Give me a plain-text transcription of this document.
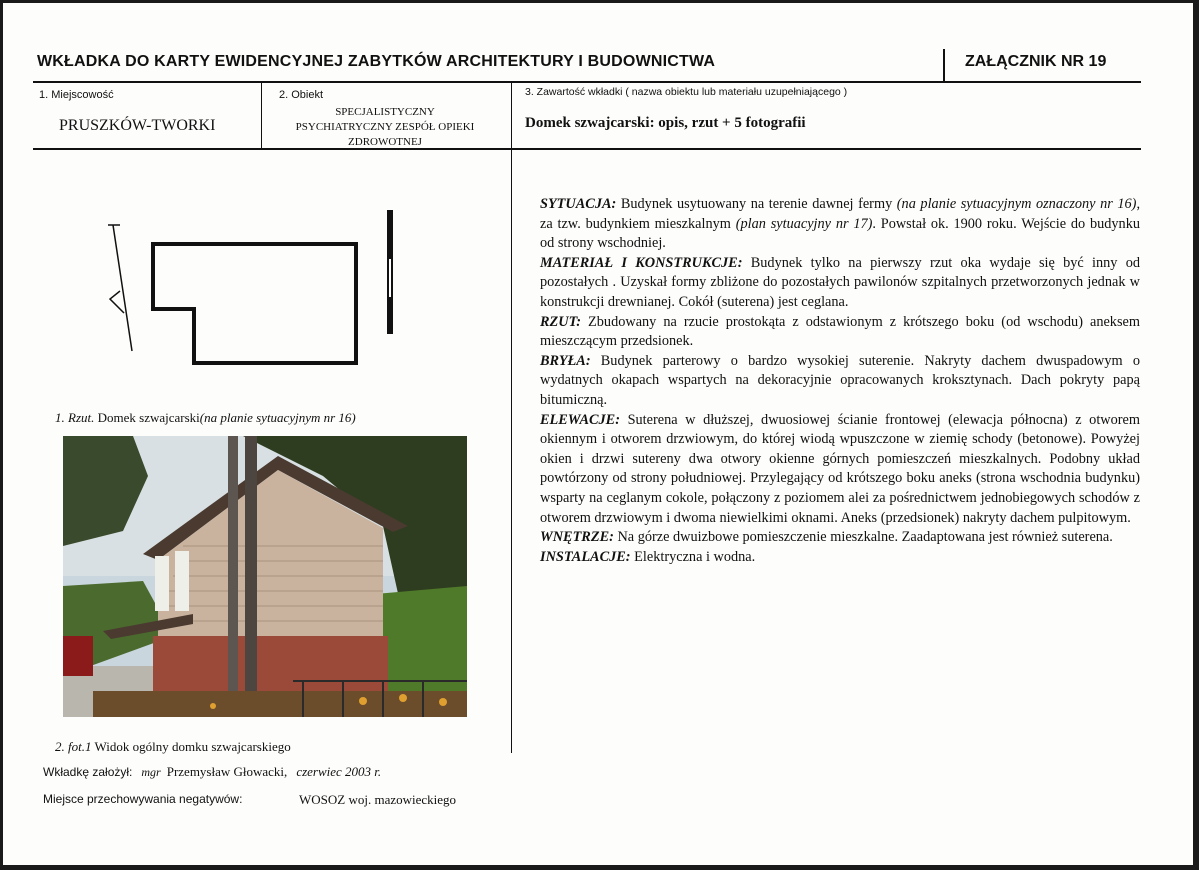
WKŁADKA DO KARTY EWIDENCYJNEJ ZABYTKÓW ARCHITEKTURY I BUDOWNICTWA	ZAŁĄCZNIK NR 19
1. Miejscowość
PRUSZKÓW-TWORKI
2. Obiekt
SPECJALISTYCZNY
PSYCHIATRYCZNY ZESPÓŁ OPIEKI
ZDROWOTNEJ
3. Zawartość wkładki ( nazwa obiektu lub materiału uzupełniającego )
Domek szwajcarski: opis, rzut + 5 fotografii
1. Rzut. Domek szwajcarski(na planie sytuacyjnym nr 16)
2. fot.1 Widok ogólny domku szwajcarskiego
Wkładkę założył: mgr Przemysław Głowacki, czerwiec 2003 r.
Miejsce przechowywania negatywów:	WOSOZ woj. mazowieckiego

SYTUACJA: Budynek usytuowany na terenie dawnej fermy (na planie sytuacyjnym oznaczony nr 16), za tzw. budynkiem mieszkalnym (plan sytuacyjny nr 17). Powstał ok. 1900 roku. Wejście do budynku od strony wschodniej.

MATERIAŁ I KONSTRUKCJE: Budynek tylko na pierwszy rzut oka wydaje się być inny od pozostałych . Uzyskał formy zbliżone do pozostałych pawilonów szpitalnych przetworzonych jednak w konstrukcji drewnianej. Cokół (suterena) jest ceglana.

RZUT: Zbudowany na rzucie prostokąta z odstawionym z krótszego boku (od wschodu) aneksem mieszczącym przedsionek.

BRYŁA: Budynek parterowy o bardzo wysokiej suterenie. Nakryty dachem dwuspadowym o wydatnych okapach wspartych na dekoracyjnie opracowanych kroksztynach. Dach pokryty papą bitumiczną.

ELEWACJE: Suterena w dłuższej, dwuosiowej ścianie frontowej (elewacja północna) z otworem okiennym i otworem drzwiowym, do której wiodą wpuszczone w ziemię schody (betonowe). Powyżej okien i drzwi sutereny dwa otwory okienne górnych pomieszczeń mieszkalnych. Podobny układ powtórzony od strony południowej. Przylegający od krótszego boku aneks (strona wschodnia budynku) wsparty na ceglanym cokole, połączony z poziomem alei za pośrednictwem jednobiegowych schodów z otworem drzwiowym i dwoma niewielkimi oknami. Aneks (przedsionek) nakryty dachem pulpitowym.

WNĘTRZE: Na górze dwuizbowe pomieszczenie mieszkalne. Zaadaptowana jest również suterena.

INSTALACJE: Elektryczna i wodna.
